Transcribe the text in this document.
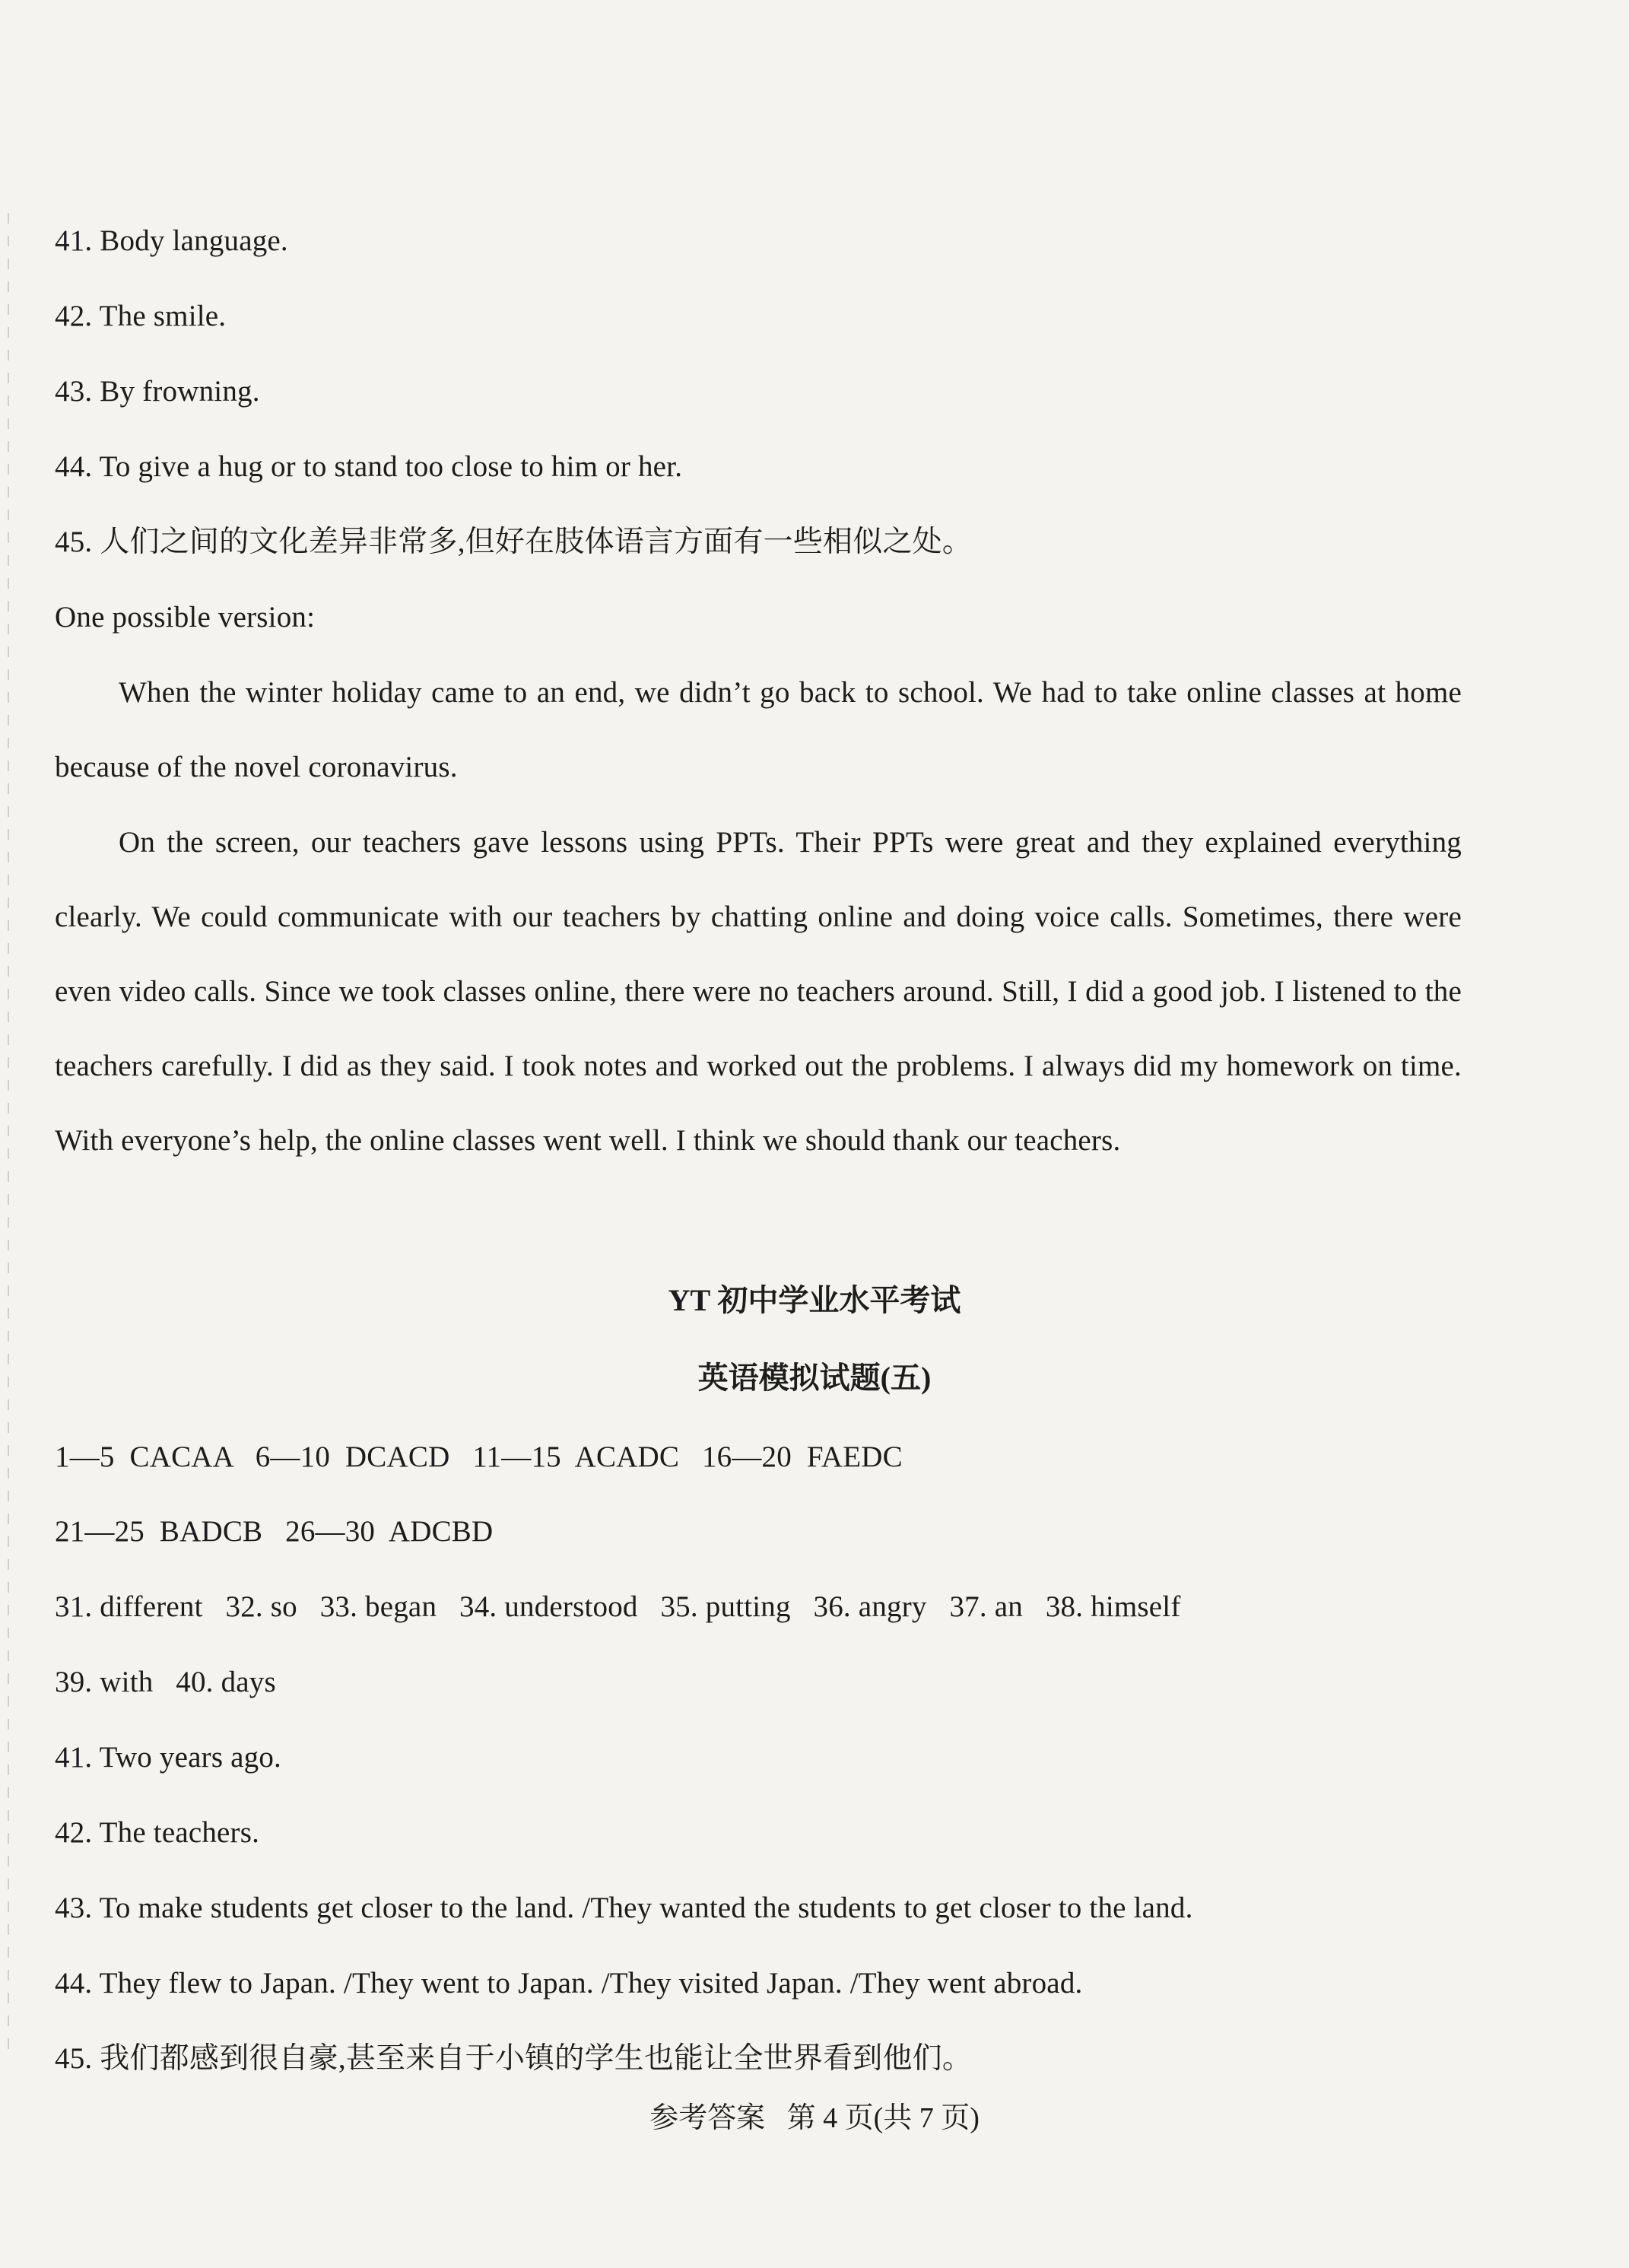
41. Body language.
42. The smile.
43. By frowning.
44. To give a hug or to stand too close to him or her.
45. 人们之间的文化差异非常多,但好在肢体语言方面有一些相似之处。
One possible version:

When the winter holiday came to an end, we didn’t go back to school. We had to take online classes at home because of the novel coronavirus.

On the screen, our teachers gave lessons using PPTs. Their PPTs were great and they explained everything clearly. We could communicate with our teachers by chatting online and doing voice calls. Sometimes, there were even video calls. Since we took classes online, there were no teachers around. Still, I did a good job. I listened to the teachers carefully. I did as they said. I took notes and worked out the problems. I always did my homework on time. With everyone’s help, the online classes went well. I think we should thank our teachers.

YT 初中学业水平考试
英语模拟试题(五)
1—5  CACAA   6—10  DCACD   11—15  ACADC   16—20  FAEDC
21—25  BADCB   26—30  ADCBD
31. different   32. so   33. began   34. understood   35. putting   36. angry   37. an   38. himself
39. with   40. days
41. Two years ago.
42. The teachers.
43. To make students get closer to the land. /They wanted the students to get closer to the land.
44. They flew to Japan. /They went to Japan. /They visited Japan. /They went abroad.
45. 我们都感到很自豪,甚至来自于小镇的学生也能让全世界看到他们。
参考答案   第 4 页(共 7 页)
